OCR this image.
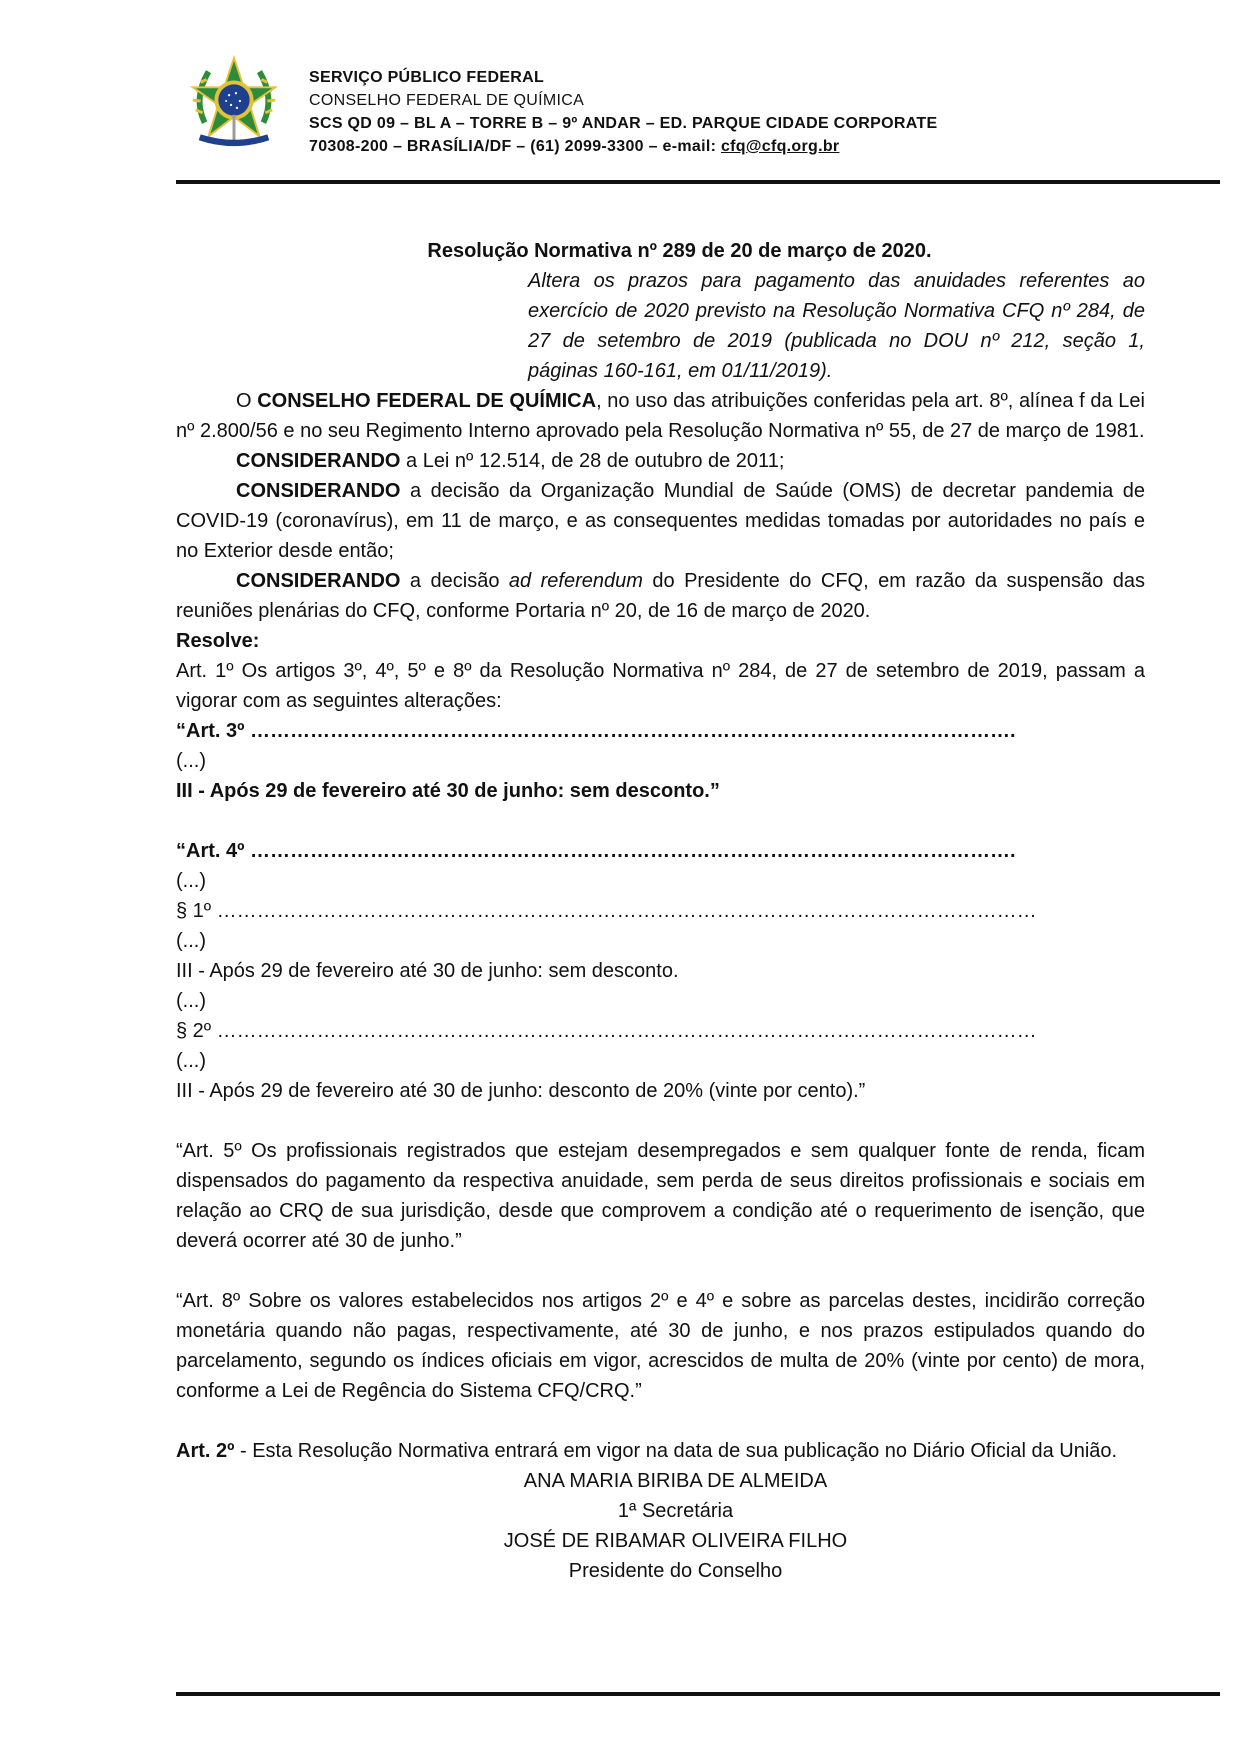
SERVIÇO PÚBLICO FEDERAL
CONSELHO FEDERAL DE QUÍMICA
SCS QD 09 – BL A – TORRE B – 9º ANDAR – ED. PARQUE CIDADE CORPORATE
70308-200 – BRASÍLIA/DF – (61) 2099-3300 – e-mail: cfq@cfq.org.br

Resolução Normativa nº 289 de 20 de março de 2020.

Altera os prazos para pagamento das anuidades referentes ao exercício de 2020 previsto na Resolução Normativa CFQ nº 284, de 27 de setembro de 2019 (publicada no DOU nº 212, seção 1, páginas 160-161, em 01/11/2019).

O CONSELHO FEDERAL DE QUÍMICA, no uso das atribuições conferidas pela art. 8º, alínea f da Lei nº 2.800/56 e no seu Regimento Interno aprovado pela Resolução Normativa nº 55, de 27 de março de 1981.

CONSIDERANDO a Lei nº 12.514, de 28 de outubro de 2011;

CONSIDERANDO a decisão da Organização Mundial de Saúde (OMS) de decretar pandemia de COVID-19 (coronavírus), em 11 de março, e as consequentes medidas tomadas por autoridades no país e no Exterior desde então;

CONSIDERANDO a decisão ad referendum do Presidente do CFQ, em razão da suspensão das reuniões plenárias do CFQ, conforme Portaria nº 20, de 16 de março de 2020.

Resolve:

Art. 1º Os artigos 3º, 4º, 5º e 8º da Resolução Normativa nº 284, de 27 de setembro de 2019, passam a vigorar com as seguintes alterações:

“Art. 3º …………………………………………………………………………………………………….

(...)

III - Após 29 de fevereiro até 30 de junho: sem desconto.”

“Art. 4º …………………………………………………………………………………………………….

(...)

§ 1º ……………………………………………………………………………………………………………

(...)

III - Após 29 de fevereiro até 30 de junho: sem desconto.

(...)

§ 2º ……………………………………………………………………………………………………………

(...)

III - Após 29 de fevereiro até 30 de junho: desconto de 20% (vinte por cento).”

“Art. 5º Os profissionais registrados que estejam desempregados e sem qualquer fonte de renda, ficam dispensados do pagamento da respectiva anuidade, sem perda de seus direitos profissionais e sociais em relação ao CRQ de sua jurisdição, desde que comprovem a condição até o requerimento de isenção, que deverá ocorrer até 30 de junho.”

“Art. 8º Sobre os valores estabelecidos nos artigos 2º e 4º e sobre as parcelas destes, incidirão correção monetária quando não pagas, respectivamente, até 30 de junho, e nos prazos estipulados quando do parcelamento, segundo os índices oficiais em vigor, acrescidos de multa de 20% (vinte por cento) de mora, conforme a Lei de Regência do Sistema CFQ/CRQ.”

Art. 2º - Esta Resolução Normativa entrará em vigor na data de sua publicação no Diário Oficial da União.

ANA MARIA BIRIBA DE ALMEIDA

1ª Secretária

JOSÉ DE RIBAMAR OLIVEIRA FILHO

Presidente do Conselho
